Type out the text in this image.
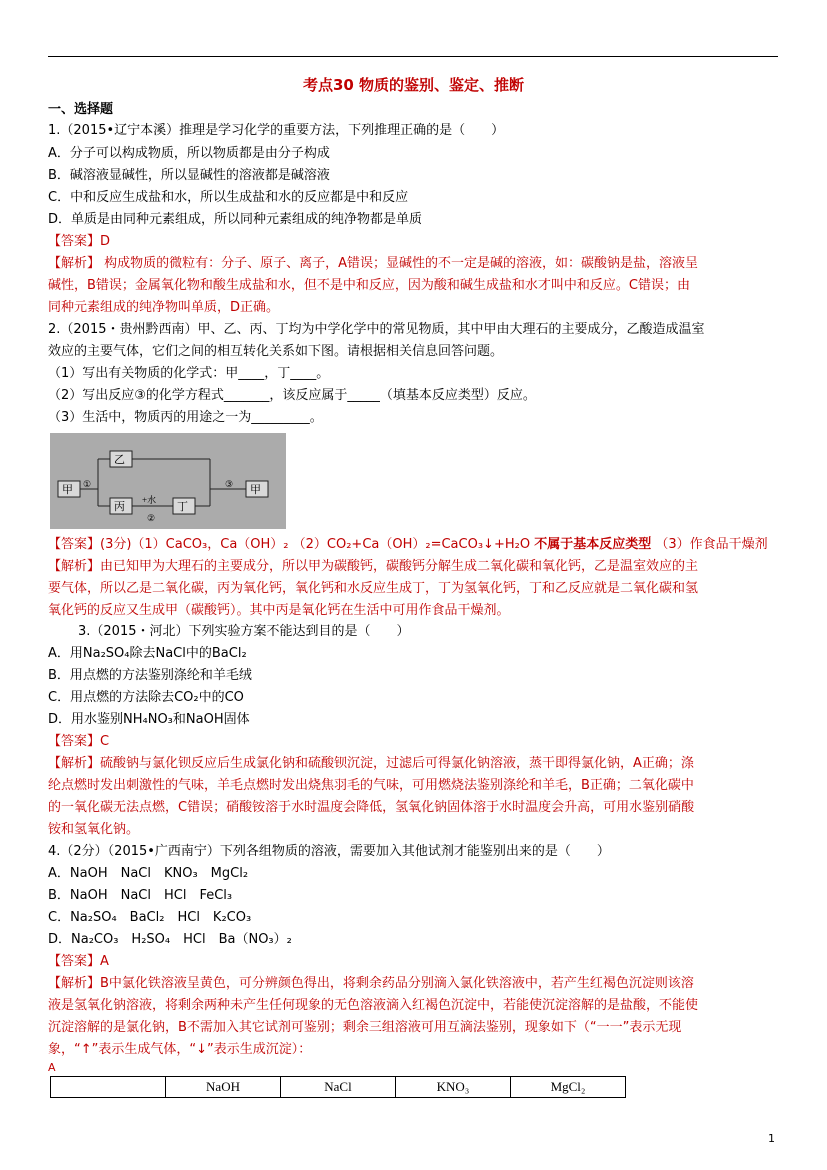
考点30 物质的鉴别、鉴定、推断
一、选择题
1.（2015•辽宁本溪）推理是学习化学的重要方法，下列推理正确的是（　　）
A．分子可以构成物质，所以物质都是由分子构成
B．碱溶液显碱性，所以显碱性的溶液都是碱溶液
C．中和反应生成盐和水，所以生成盐和水的反应都是中和反应
D．单质是由同种元素组成，所以同种元素组成的纯净物都是单质
【答案】D
【解析】 构成物质的微粒有：分子、原子、离子，A错误；显碱性的不一定是碱的溶液，如：碳酸钠是盐，溶液呈
碱性，B错误；金属氧化物和酸生成盐和水，但不是中和反应，因为酸和碱生成盐和水才叫中和反应。C错误；由
同种元素组成的纯净物叫单质，D正确。
2.（2015・贵州黔西南）甲、乙、丙、丁均为中学化学中的常见物质，其中甲由大理石的主要成分，乙酸造成温室
效应的主要气体，它们之间的相互转化关系如下图。请根据相关信息回答问题。
（1）写出有关物质的化学式：甲____，丁____。
（2）写出反应③的化学方程式_______，该反应属于_____（填基本反应类型）反应。
（3）生活中，物质丙的用途之一为_________。
甲
乙
丙	丁
甲
①
②
③
+水
【答案】(3分)（1）CaCO₃，Ca（OH）₂ （2）CO₂+Ca（OH）₂=CaCO₃↓+H₂O 不属于基本反应类型 （3）作食品干燥剂
【解析】由已知甲为大理石的主要成分，所以甲为碳酸钙，碳酸钙分解生成二氧化碳和氧化钙，乙是温室效应的主
要气体，所以乙是二氧化碳，丙为氧化钙，氧化钙和水反应生成丁，丁为氢氧化钙，丁和乙反应就是二氧化碳和氢
氧化钙的反应又生成甲（碳酸钙）。其中丙是氧化钙在生活中可用作食品干燥剂。
3.（2015・河北）下列实验方案不能达到目的是（　　）
A．用Na₂SO₄除去NaCl中的BaCl₂
B．用点燃的方法鉴别涤纶和羊毛绒
C．用点燃的方法除去CO₂中的CO
D．用水鉴别NH₄NO₃和NaOH固体
【答案】C
【解析】硫酸钠与氯化钡反应后生成氯化钠和硫酸钡沉淀，过滤后可得氯化钠溶液，蒸干即得氯化钠，A正确；涤
纶点燃时发出刺激性的气味，羊毛点燃时发出烧焦羽毛的气味，可用燃烧法鉴别涤纶和羊毛，B正确；二氧化碳中
的一氧化碳无法点燃，C错误；硝酸铵溶于水时温度会降低，氢氧化钠固体溶于水时温度会升高，可用水鉴别硝酸
铵和氢氧化钠。
4.（2分）（2015•广西南宁）下列各组物质的溶液，需要加入其他试剂才能鉴别出来的是（　　）
A．NaOH　NaCl　KNO₃　MgCl₂
B．NaOH　NaCl　HCl　FeCl₃
C．Na₂SO₄　BaCl₂　HCl　K₂CO₃
D．Na₂CO₃　H₂SO₄　HCl　Ba（NO₃）₂
【答案】A
【解析】B中氯化铁溶液呈黄色，可分辨颜色得出，将剩余药品分别滴入氯化铁溶液中，若产生红褐色沉淀则该溶
液是氢氧化钠溶液，将剩余两种未产生任何现象的无色溶液滴入红褐色沉淀中，若能使沉淀溶解的是盐酸，不能使
沉淀溶解的是氯化钠，B不需加入其它试剂可鉴别；剩余三组溶液可用互滴法鉴别，现象如下（“一一”表示无现
象，“↑”表示生成气体，“↓”表示生成沉淀）：
A
	NaOH	NaCl	KNO₃	MgCl₂
1
